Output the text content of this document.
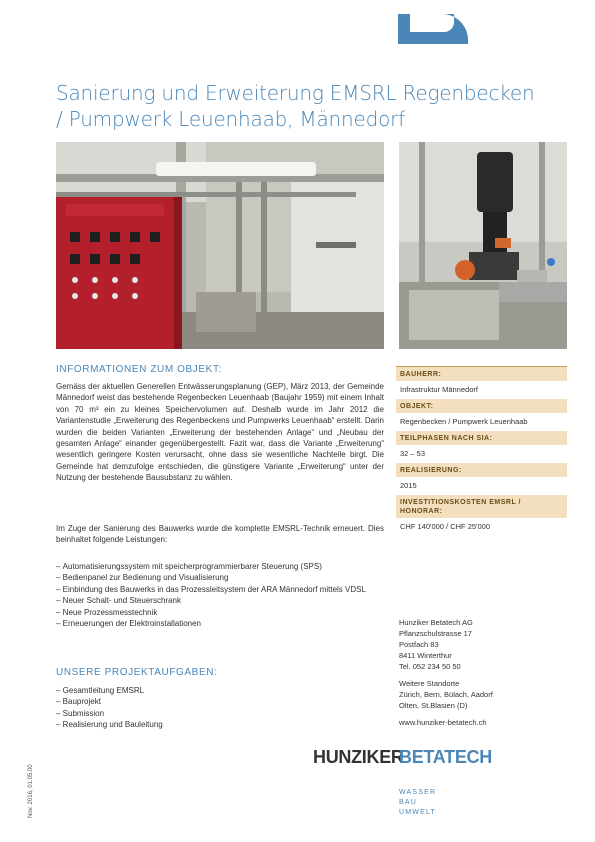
Sanierung und Erweiterung EMSRL Regenbecken
/ Pumpwerk Leuenhaab, Männedorf
INFORMATIONEN ZUM OBJEKT:

Gemäss der aktuellen Generellen Entwässerungsplanung (GEP), März 2013, der Gemeinde Männedorf weist das bestehende Regenbecken Leuenhaab (Baujahr 1959) mit einem Inhalt von 70 m³ ein zu kleines Speichervolumen auf. Deshalb wurde im Jahr 2012 die Variantenstudie „Erweiterung des Regenbeckens und Pumpwerks Leuenhaab“ erstellt. Darin wurden die beiden Varianten „Erweiterung der bestehenden Anlage“ und „Neubau der gesamten Anlage“ einander gegenübergestellt. Fazit war, dass die Variante „Erweiterung“ wesentlich geringere Kosten verursacht, ohne dass sie wesentliche Nachteile birgt. Die Gemeinde hat demzufolge entschieden, die günstigere Variante „Erweiterung“ unter der Nutzung der bestehende Bausubstanz zu wählen.

Im Zuge der Sanierung des Bauwerks wurde die komplette EMSRL-Technik erneuert. Dies beinhaltet folgende Leistungen:

– Automatisierungssystem mit speicherprogrammierbarer Steuerung (SPS)
– Bedienpanel zur Bedienung und Visualisierung
– Einbindung des Bauwerks in das Prozessleitsystem der ARA Männedorf mittels VDSL
– Neuer Schalt- und Steuerschrank
– Neue Prozessmesstechnik
– Erneuerungen der Elektroinstallationen
UNSERE PROJEKTAUFGABEN:
– Gesamtleitung EMSRL
– Bauprojekt
– Submission
– Realisierung und Bauleitung
BAUHERR:
Infrastruktur Männedorf
OBJEKT:
Regenbecken / Pumpwerk Leuenhaab
TEILPHASEN NACH SIA:
32 – 53
REALISIERUNG:
2015
INVESTITIONSKOSTEN EMSRL / HONORAR:
CHF 140'000 / CHF 25'000
Hunziker Betatech AG
Pflanzschulstrasse 17
Postfach 83
8411 Winterthur
Tel. 052 234 50 50
Weitere Standorte
Zürich, Bern, Bülach, Aadorf
Olten, St.Blasien (D)
www.hunziker-betatech.ch
HUNZIKER
BETATECH
WASSER
BAU
UMWELT
Nov. 2016, 01.05.00
